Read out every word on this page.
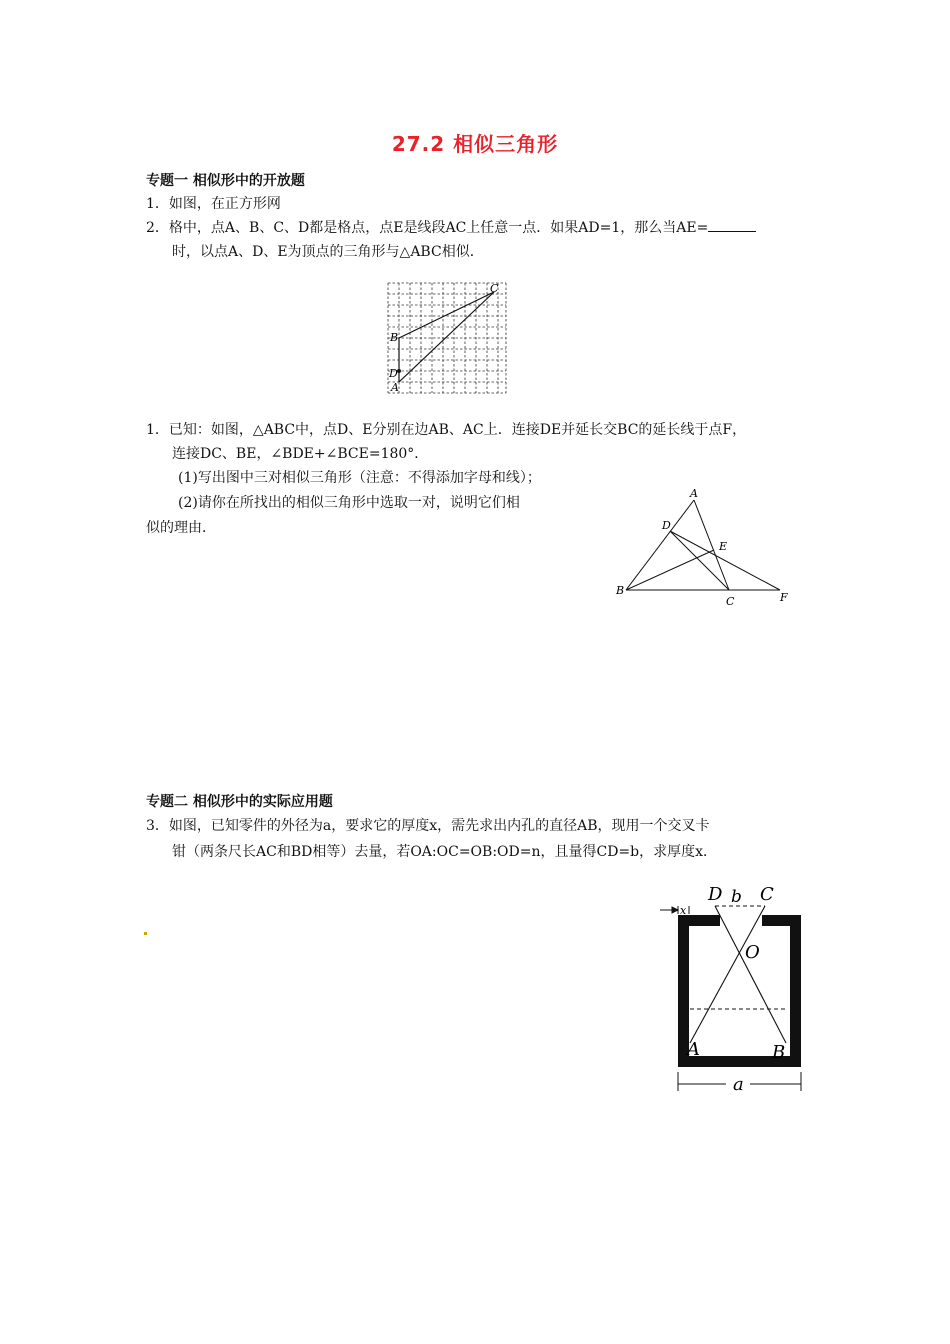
27.2 相似三角形
专题一 相似形中的开放题
1．如图，在正方形网
2．格中，点A、B、C、D都是格点，点E是线段AC上任意一点．如果AD=1，那么当AE=
时，以点A、D、E为顶点的三角形与△ABC相似．
C
B
D
A
1．已知：如图，△ABC中，点D、E分别在边AB、AC上．连接DE并延长交BC的延长线于点F，
连接DC、BE，∠BDE+∠BCE=180°．
(1)写出图中三对相似三角形（注意：不得添加字母和线）；
(2)请你在所找出的相似三角形中选取一对，说明它们相
似的理由．
A
D
E
B
C	F
专题二 相似形中的实际应用题
3．如图，已知零件的外径为a，要求它的厚度x，需先求出内孔的直径AB，现用一个交叉卡
钳（两条尺长AC和BD相等）去量，若OA:OC=OB:OD=n，且量得CD=b，求厚度x．
D b C
x
O
A	B
a
